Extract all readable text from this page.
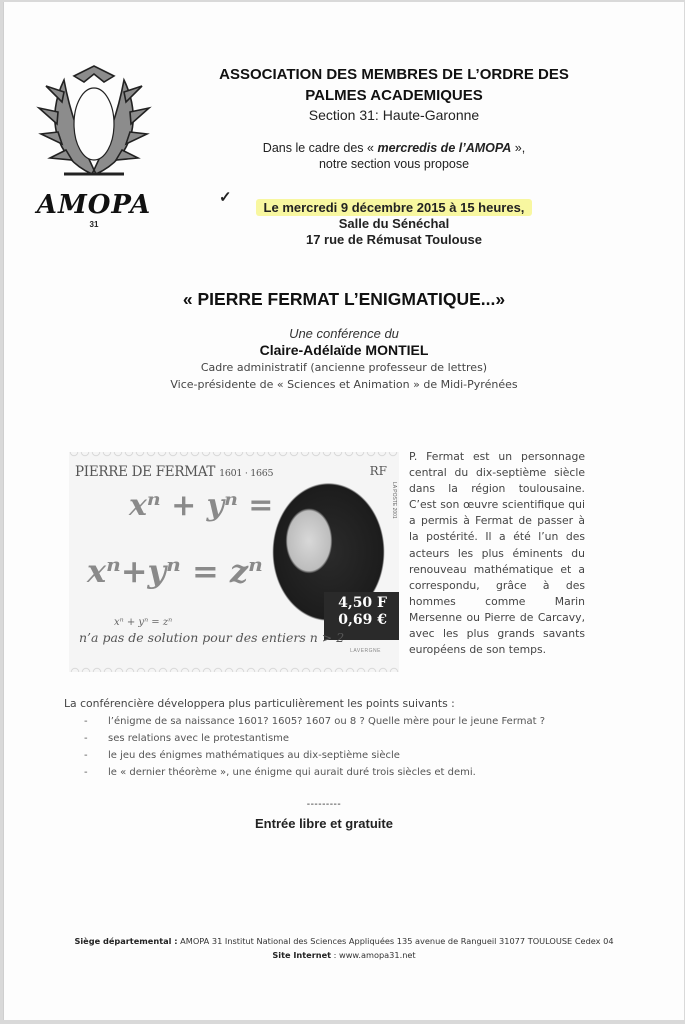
AMOPA
31
ASSOCIATION DES MEMBRES DE L’ORDRE DES
PALMES ACADEMIQUES
Section 31: Haute-Garonne
Dans le cadre des « mercredis de l’AMOPA »,
notre section vous propose
✓
Le mercredi 9 décembre 2015 à 15 heures,
Salle du Sénéchal
17 rue de Rémusat Toulouse
« PIERRE FERMAT L’ENIGMATIQUE...»
Une conférence du
Claire-Adélaïde MONTIEL
Cadre administratif (ancienne professeur de lettres)
Vice-présidente de « Sciences et Animation » de Midi-Pyrénées
PIERRE DE FERMAT 1601 · 1665	RF
LA POSTE 2001
xⁿ + yⁿ =
xⁿ+yⁿ = zⁿ
4,50 F
0,69 €
xⁿ + yⁿ = zⁿ
n’a pas de solution pour des entiers n > 2
LAVERGNE
P. Fermat est un personnage central du dix-septième siècle dans la région toulousaine. C’est son œuvre scientifique qui a permis à Fermat de passer à la postérité. Il a été l’un des acteurs les plus éminents du renouveau mathématique et a correspondu, grâce à des hommes comme Marin Mersenne ou Pierre de Carcavy, avec les plus grands savants européens de son temps.
La conférencière développera plus particulièrement les points suivants :
- l’énigme de sa naissance 1601? 1605? 1607 ou 8 ? Quelle mère pour le jeune Fermat ?
- ses relations avec le protestantisme
- le jeu des énigmes mathématiques au dix-septième siècle
- le « dernier théorème », une énigme qui aurait duré trois siècles et demi.
---------
Entrée libre et gratuite
Siège départemental : AMOPA 31 Institut National des Sciences Appliquées 135 avenue de Rangueil 31077 TOULOUSE Cedex 04
Site Internet : www.amopa31.net
